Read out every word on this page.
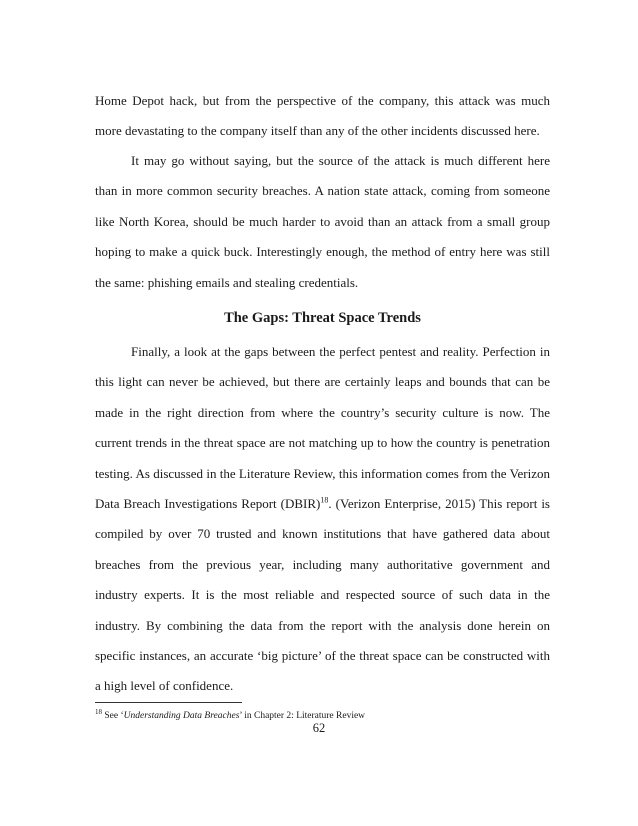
Home Depot hack, but from the perspective of the company, this attack was much more devastating to the company itself than any of the other incidents discussed here.

It may go without saying, but the source of the attack is much different here than in more common security breaches. A nation state attack, coming from someone like North Korea, should be much harder to avoid than an attack from a small group hoping to make a quick buck. Interestingly enough, the method of entry here was still the same: phishing emails and stealing credentials.

The Gaps: Threat Space Trends

Finally, a look at the gaps between the perfect pentest and reality. Perfection in this light can never be achieved, but there are certainly leaps and bounds that can be made in the right direction from where the country’s security culture is now. The current trends in the threat space are not matching up to how the country is penetration testing. As discussed in the Literature Review, this information comes from the Verizon Data Breach Investigations Report (DBIR)$^{18}$. (Verizon Enterprise, 2015) This report is compiled by over 70 trusted and known institutions that have gathered data about breaches from the previous year, including many authoritative government and industry experts. It is the most reliable and respected source of such data in the industry. By combining the data from the report with the analysis done herein on specific instances, an accurate ‘big picture’ of the threat space can be constructed with a high level of confidence.

$^{18}$ See ‘Understanding Data Breaches’ in Chapter 2: Literature Review

62
